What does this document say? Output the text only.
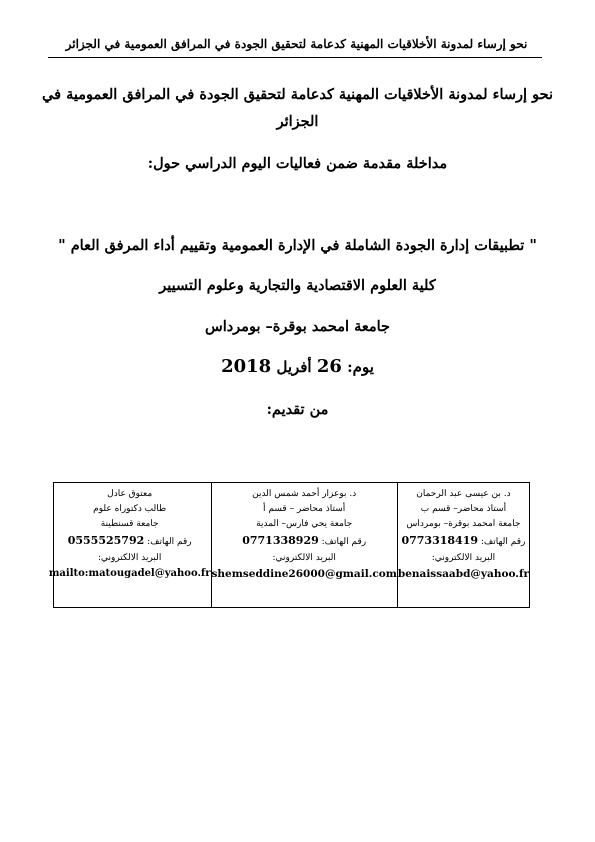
نحو إرساء لمدونة الأخلاقيات المهنية كدعامة لتحقيق الجودة في المرافق العمومية في الجزائر
نحو إرساء لمدونة الأخلاقيات المهنية كدعامة لتحقيق الجودة في المرافق العمومية في
الجزائر
مداخلة مقدمة ضمن فعاليات اليوم الدراسي حول:
" تطبيقات إدارة الجودة الشاملة في الإدارة العمومية وتقييم أداء المرفق العام "
كلية العلوم الاقتصادية والتجارية وعلوم التسيير
جامعة امحمد بوقرة– بومرداس
يوم: 26 أفريل 2018
من تقديم:
د. بن عيسى عبد الرحمان
أستاذ محاضر– قسم ب
جامعة امحمد بوقرة– بومرداس
رقم الهاتف: 0773318419
البريد الالكتروني:
benaissaabd@yahoo.fr
د. بوعزار أحمد شمس الدين
أستاذ محاضر – قسم أ
جامعة يحي فارس– المدية
رقم الهاتف: 0771338929
البريد الالكتروني:
shemseddine26000@gmail.com
معتوق عادل
طالب دكتوراه علوم
جامعة قسنطينة
رقم الهاتف: 0555525792
البريد الالكتروني:
mailto:matougadel@yahoo.fr
